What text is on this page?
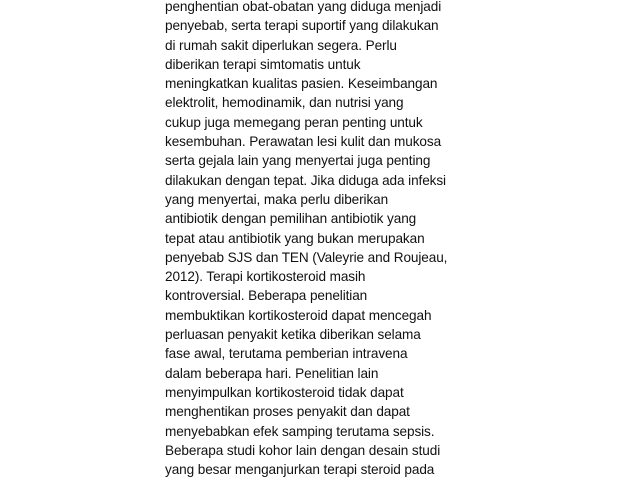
penghentian obat-obatan yang diduga menjadi
penyebab, serta terapi suportif yang dilakukan
di rumah sakit diperlukan segera. Perlu
diberikan terapi simtomatis untuk
meningkatkan kualitas pasien. Keseimbangan
elektrolit, hemodinamik, dan nutrisi yang
cukup juga memegang peran penting untuk
kesembuhan. Perawatan lesi kulit dan mukosa
serta gejala lain yang menyertai juga penting
dilakukan dengan tepat. Jika diduga ada infeksi
yang menyertai, maka perlu diberikan
antibiotik dengan pemilihan antibiotik yang
tepat atau antibiotik yang bukan merupakan
penyebab SJS dan TEN (Valeyrie and Roujeau,
2012). Terapi kortikosteroid masih
kontroversial. Beberapa penelitian
membuktikan kortikosteroid dapat mencegah
perluasan penyakit ketika diberikan selama
fase awal, terutama pemberian intravena
dalam beberapa hari. Penelitian lain
menyimpulkan kortikosteroid tidak dapat
menghentikan proses penyakit dan dapat
menyebabkan efek samping terutama sepsis.
Beberapa studi kohor lain dengan desain studi
yang besar menganjurkan terapi steroid pada
